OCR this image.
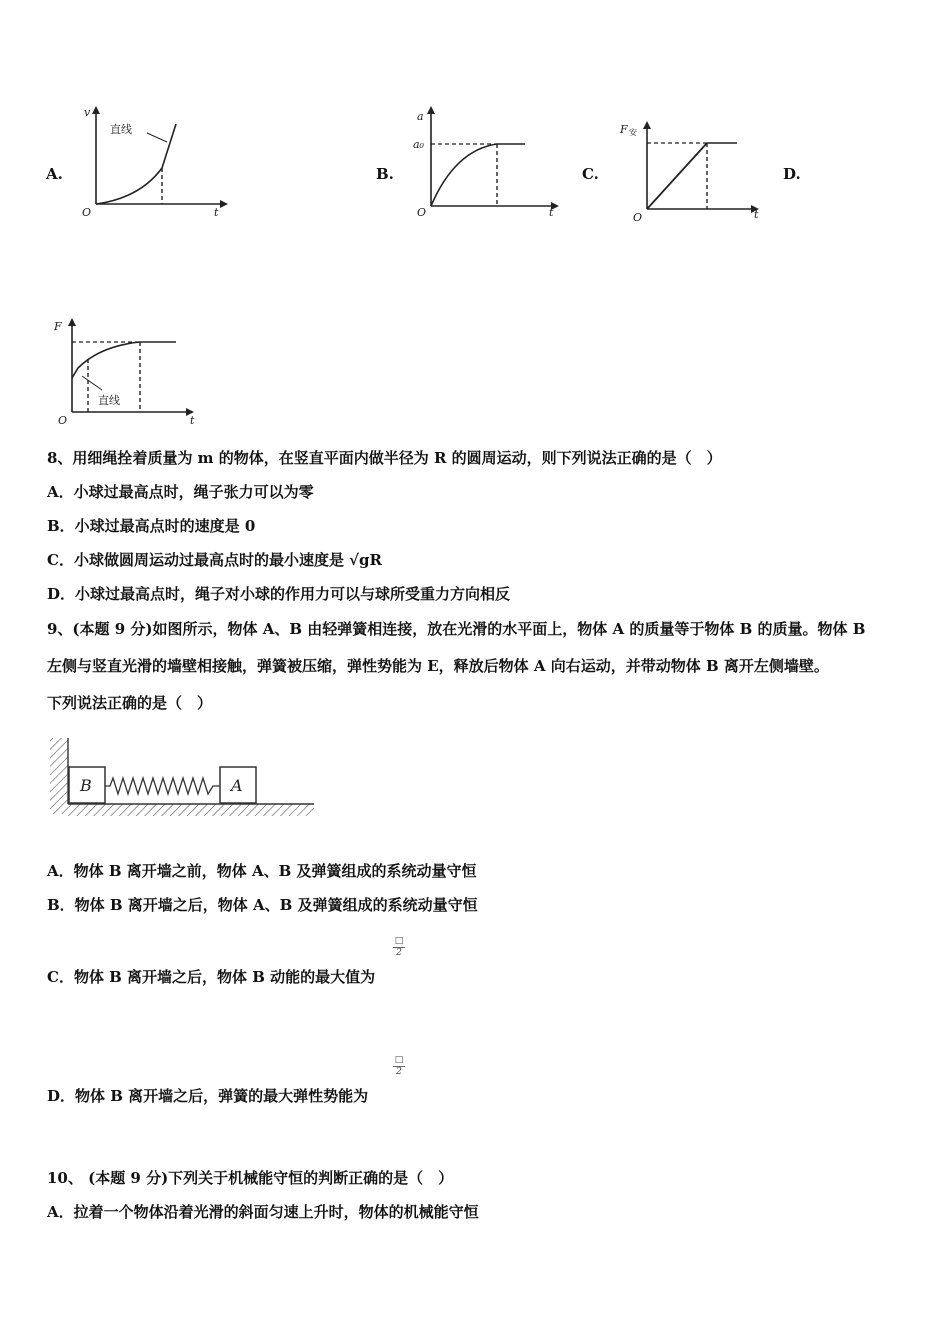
A.	B.	C.	D.
v
t
O
直线
a
a₀
t
O
F 安
t
O
F
t
O
直线
8、用细绳拴着质量为 m 的物体，在竖直平面内做半径为 R 的圆周运动，则下列说法正确的是（　）
A．小球过最高点时，绳子张力可以为零
B．小球过最高点时的速度是 0
C．小球做圆周运动过最高点时的最小速度是 √gR
D．小球过最高点时，绳子对小球的作用力可以与球所受重力方向相反
9、(本题 9 分)如图所示，物体 A、B 由轻弹簧相连接，放在光滑的水平面上，物体 A 的质量等于物体 B 的质量。物体 B
左侧与竖直光滑的墙壁相接触，弹簧被压缩，弹性势能为 E，释放后物体 A 向右运动，并带动物体 B 离开左侧墙壁。
下列说法正确的是（　）
B	A
A．物体 B 离开墙之前，物体 A、B 及弹簧组成的系统动量守恒
B．物体 B 离开墙之后，物体 A、B 及弹簧组成的系统动量守恒
C．物体 B 离开墙之后，物体 B 动能的最大值为
□
2
D．物体 B 离开墙之后，弹簧的最大弹性势能为
□
2
10、 (本题 9 分)下列关于机械能守恒的判断正确的是（　）
A．拉着一个物体沿着光滑的斜面匀速上升时，物体的机械能守恒
